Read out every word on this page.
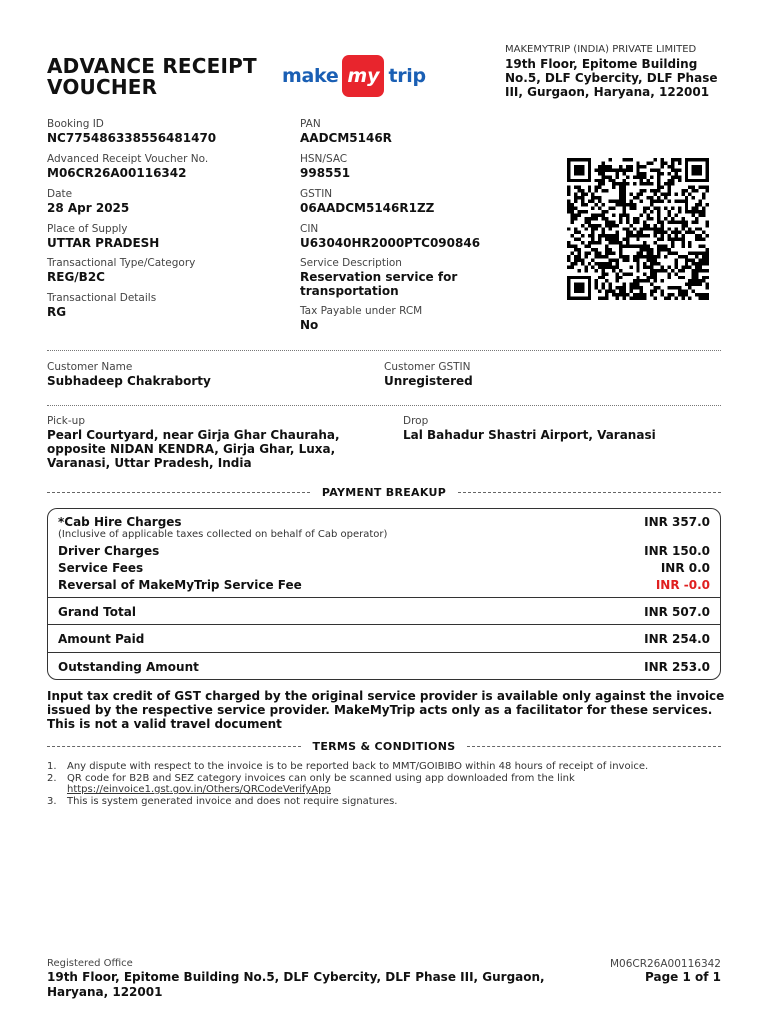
ADVANCE RECEIPT
VOUCHER	make my trip
MAKEMYTRIP (INDIA) PRIVATE LIMITED
19th Floor, Epitome Building No.5, DLF Cybercity, DLF Phase III, Gurgaon, Haryana, 122001
Booking ID
NC775486338556481470
Advanced Receipt Voucher No.
M06CR26A00116342
Date
28 Apr 2025
Place of Supply
UTTAR PRADESH
Transactional Type/Category
REG/B2C
Transactional Details
RG
PAN
AADCM5146R
HSN/SAC
998551
GSTIN
06AADCM5146R1ZZ
CIN
U63040HR2000PTC090846
Service Description
Reservation service for transportation
Tax Payable under RCM
No
Customer Name
Subhadeep Chakraborty
Customer GSTIN
Unregistered
Pick-up
Pearl Courtyard, near Girja Ghar Chauraha, opposite NIDAN KENDRA, Girja Ghar, Luxa, Varanasi, Uttar Pradesh, India
Drop
Lal Bahadur Shastri Airport, Varanasi
PAYMENT BREAKUP
*Cab Hire Charges	INR 357.0
(Inclusive of applicable taxes collected on behalf of Cab operator)
Driver Charges	INR 150.0
Service Fees	INR 0.0
Reversal of MakeMyTrip Service Fee	INR -0.0
Grand Total	INR 507.0
Amount Paid	INR 254.0
Outstanding Amount	INR 253.0
Input tax credit of GST charged by the original service provider is available only against the invoice issued by the respective service provider. MakeMyTrip acts only as a facilitator for these services. This is not a valid travel document
TERMS & CONDITIONS
1.	Any dispute with respect to the invoice is to be reported back to MMT/GOIBIBO within 48 hours of receipt of invoice.
2.	QR code for B2B and SEZ category invoices can only be scanned using app downloaded from the link
https://einvoice1.gst.gov.in/Others/QRCodeVerifyApp
3.	This is system generated invoice and does not require signatures.
Registered Office
19th Floor, Epitome Building No.5, DLF Cybercity, DLF Phase III, Gurgaon, Haryana, 122001
M06CR26A00116342
Page 1 of 1
